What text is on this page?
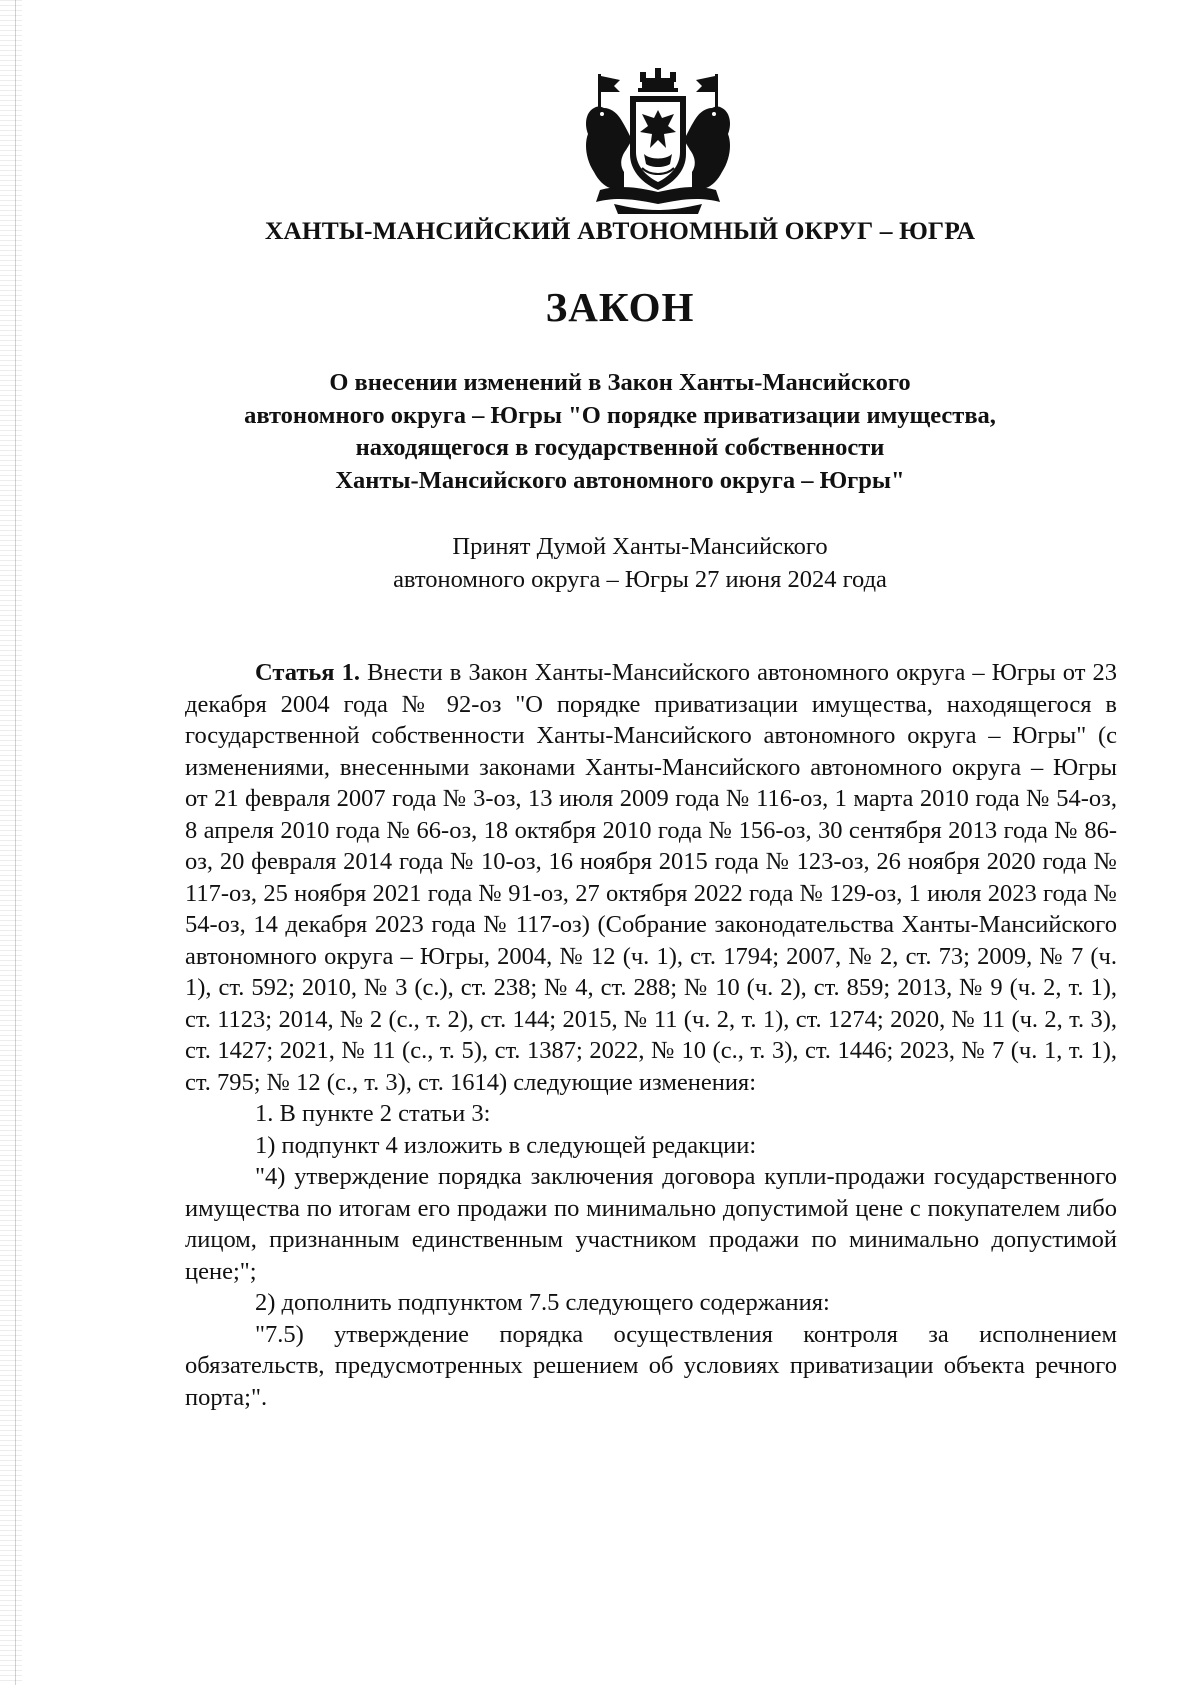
ХАНТЫ-МАНСИЙСКИЙ АВТОНОМНЫЙ ОКРУГ – ЮГРА
ЗАКОН
О внесении изменений в Закон Ханты-Мансийского
автономного округа – Югры "О порядке приватизации имущества,
находящегося в государственной собственности
Ханты-Мансийского автономного округа – Югры"
Принят Думой Ханты-Мансийского
автономного округа – Югры 27 июня 2024 года

Статья 1. Внести в Закон Ханты-Мансийского автономного округа – Югры от 23 декабря 2004 года № 92-оз "О порядке приватизации имущества, находящегося в государственной собственности Ханты-Мансийского автономного округа – Югры" (с изменениями, внесенными законами Ханты-Мансийского автономного округа – Югры от 21 февраля 2007 года № 3-оз, 13 июля 2009 года № 116-оз, 1 марта 2010 года № 54-оз, 8 апреля 2010 года № 66-оз, 18 октября 2010 года № 156-оз, 30 сентября 2013 года № 86-оз, 20 февраля 2014 года № 10-оз, 16 ноября 2015 года № 123-оз, 26 ноября 2020 года № 117-оз, 25 ноября 2021 года № 91-оз, 27 октября 2022 года № 129-оз, 1 июля 2023 года № 54-оз, 14 декабря 2023 года № 117-оз) (Собрание законодательства Ханты-Мансийского автономного округа – Югры, 2004, № 12 (ч. 1), ст. 1794; 2007, № 2, ст. 73; 2009, № 7 (ч. 1), ст. 592; 2010, № 3 (с.), ст. 238; № 4, ст. 288; № 10 (ч. 2), ст. 859; 2013, № 9 (ч. 2, т. 1), ст. 1123; 2014, № 2 (с., т. 2), ст. 144; 2015, № 11 (ч. 2, т. 1), ст. 1274; 2020, № 11 (ч. 2, т. 3), ст. 1427; 2021, № 11 (с., т. 5), ст. 1387; 2022, № 10 (с., т. 3), ст. 1446; 2023, № 7 (ч. 1, т. 1), ст. 795; № 12 (с., т. 3), ст. 1614) следующие изменения:

1. В пункте 2 статьи 3:

1) подпункт 4 изложить в следующей редакции:

"4) утверждение порядка заключения договора купли-продажи государственного имущества по итогам его продажи по минимально допустимой цене с покупателем либо лицом, признанным единственным участником продажи по минимально допустимой цене;";

2) дополнить подпунктом 7.5 следующего содержания:

"7.5) утверждение порядка осуществления контроля за исполнением обязательств, предусмотренных решением об условиях приватизации объекта речного порта;".
